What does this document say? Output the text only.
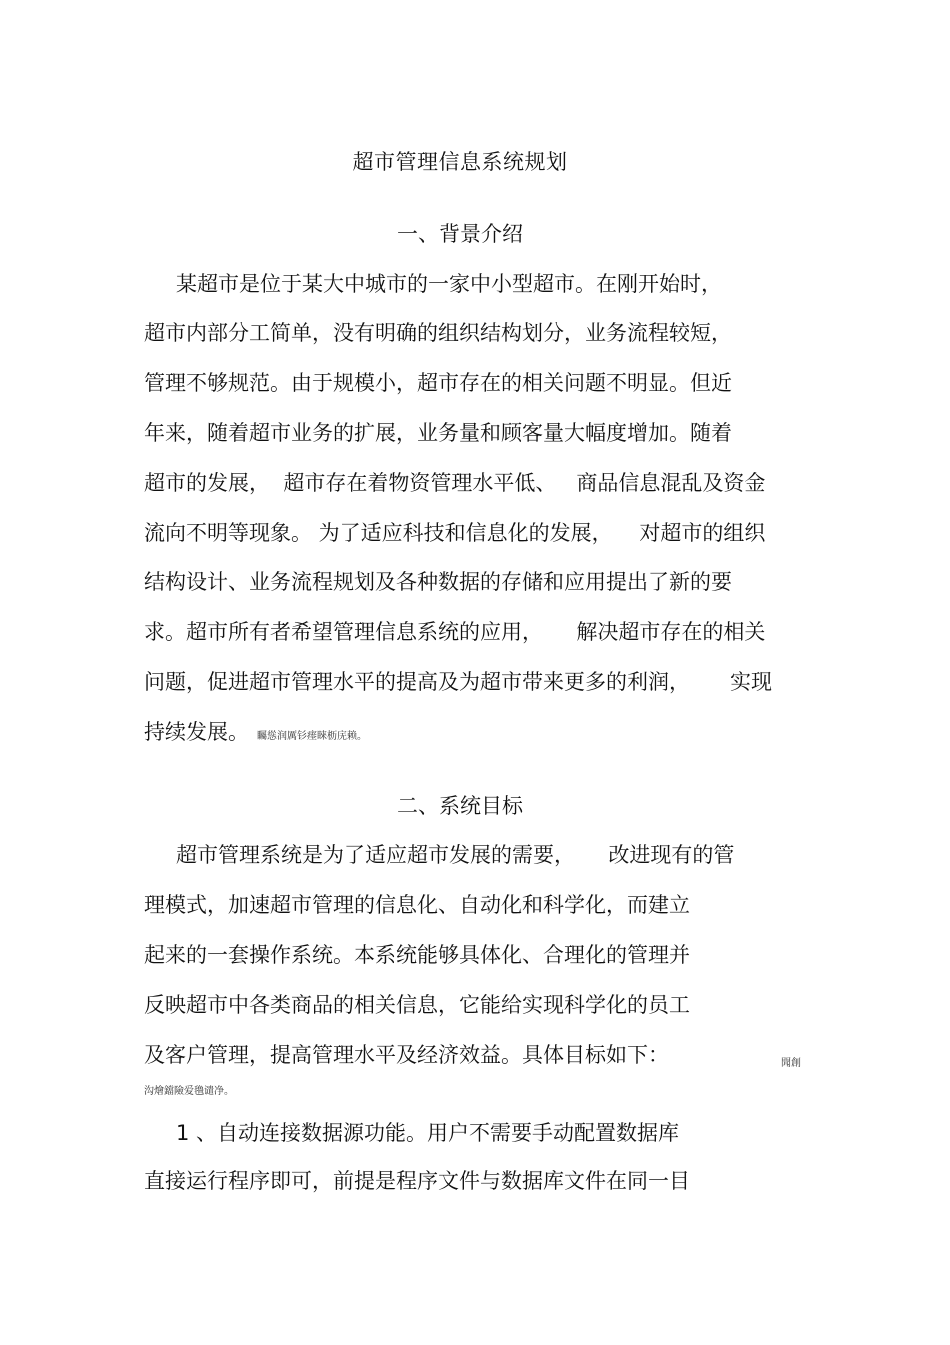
超市管理信息系统规划
一、背景介绍
某超市是位于某大中城市的一家中小型超市。在刚开始时，
超市内部分工简单，没有明确的组织结构划分，业务流程较短，
管理不够规范。由于规模小，超市存在的相关问题不明显。但近
年来，随着超市业务的扩展，业务量和顾客量大幅度增加。随着
超市的发展，  超市存在着物资管理水平低、   商品信息混乱及资金
流向不明等现象。 为了适应科技和信息化的发展，    对超市的组织
结构设计、业务流程规划及各种数据的存储和应用提出了新的要
求。超市所有者希望管理信息系统的应用，     解决超市存在的相关
问题，促进超市管理水平的提高及为超市带来更多的利润，      实现
持续发展。 矚慫润厲钐瘗睞枥庑赖。
二、系统目标
超市管理系统是为了适应超市发展的需要，     改进现有的管
理模式，加速超市管理的信息化、自动化和科学化，而建立
起来的一套操作系统。本系统能够具体化、合理化的管理并
反映超市中各类商品的相关信息，它能给实现科学化的员工
及客户管理，提高管理水平及经济效益。具体目标如下：	聞創
沟燴鐺險爱氇谴净。
1 、自动连接数据源功能。用户不需要手动配置数据库
直接运行程序即可，前提是程序文件与数据库文件在同一目
